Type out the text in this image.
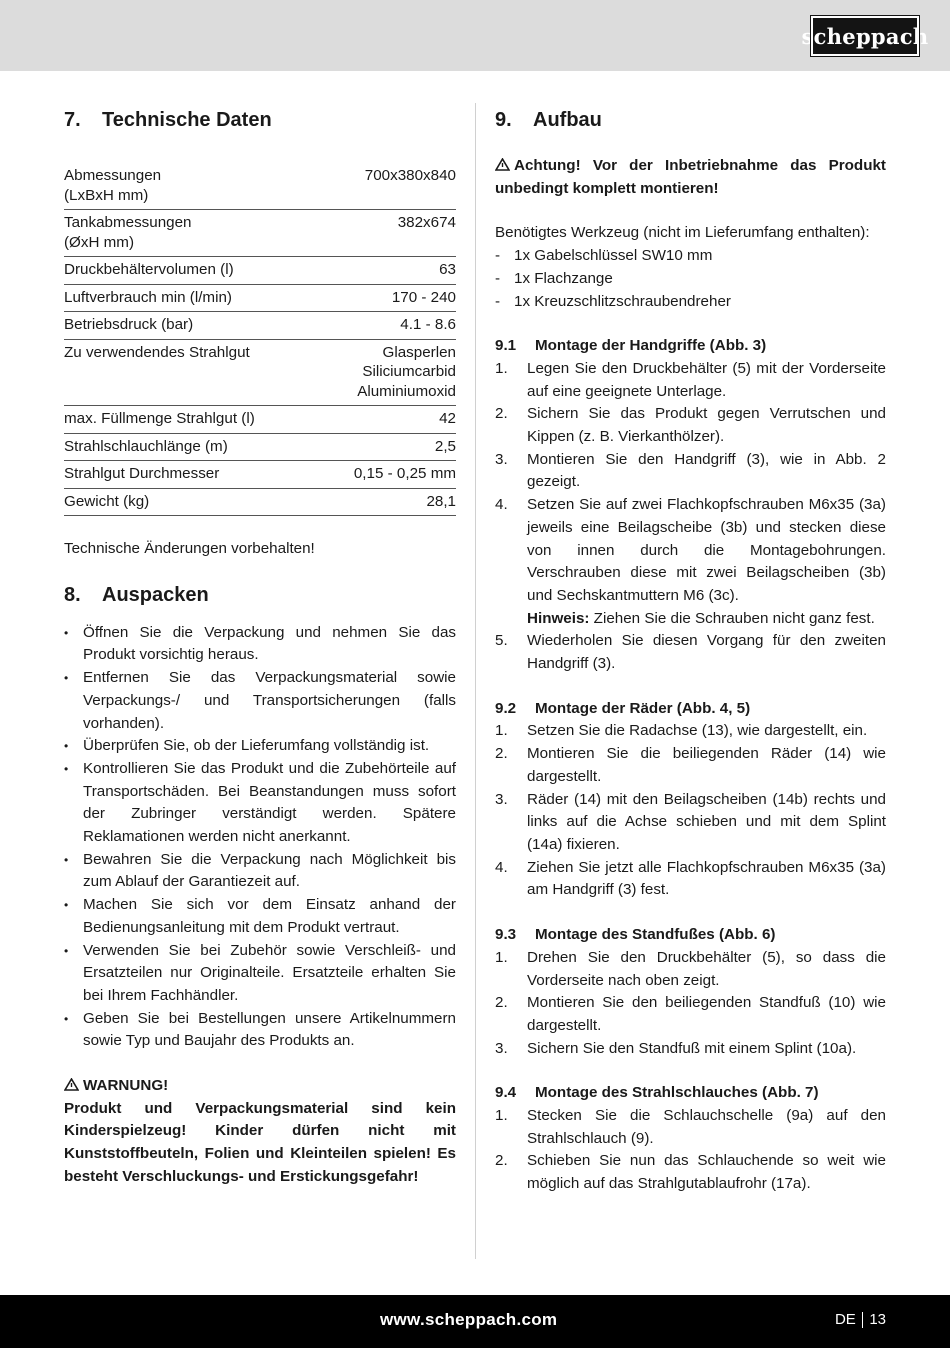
scheppach
7.	Technische Daten
Abmessungen
(LxBxH mm)	700x380x840
Tankabmessungen
(ØxH mm)	382x674
Druckbehältervolumen (l)	63
Luftverbrauch min (l/min)	170 - 240
Betriebsdruck (bar)	4.1 - 8.6
Zu verwendendes Strahlgut	Glasperlen
Siliciumcarbid
Aluminiumoxid
max. Füllmenge Strahlgut (l)	42
Strahlschlauchlänge (m)	2,5
Strahlgut Durchmesser	0,15 - 0,25 mm
Gewicht (kg)	28,1
Technische Änderungen vorbehalten!
8.	Auspacken
• Öffnen Sie die Verpackung und nehmen Sie das Produkt vorsichtig heraus.
• Entfernen Sie das Verpackungsmaterial sowie Verpackungs-/ und Transportsicherungen (falls vorhanden).
• Überprüfen Sie, ob der Lieferumfang vollständig ist.
• Kontrollieren Sie das Produkt und die Zubehörteile auf Transportschäden. Bei Beanstandungen muss sofort der Zubringer verständigt werden. Spätere Reklamationen werden nicht anerkannt.
• Bewahren Sie die Verpackung nach Möglichkeit bis zum Ablauf der Garantiezeit auf.
• Machen Sie sich vor dem Einsatz anhand der Bedienungsanleitung mit dem Produkt vertraut.
• Verwenden Sie bei Zubehör sowie Verschleiß- und Ersatzteilen nur Originalteile. Ersatzteile erhalten Sie bei Ihrem Fachhändler.
• Geben Sie bei Bestellungen unsere Artikelnummern sowie Typ und Baujahr des Produkts an.
WARNUNG!
Produkt und Verpackungsmaterial sind kein Kinderspielzeug! Kinder dürfen nicht mit Kunststoffbeuteln, Folien und Kleinteilen spielen! Es besteht Verschluckungs- und Erstickungsgefahr!
9.	Aufbau
Achtung! Vor der Inbetriebnahme das Produkt unbedingt komplett montieren!
Benötigtes Werkzeug (nicht im Lieferumfang enthalten):
- 1x Gabelschlüssel SW10 mm
- 1x Flachzange
- 1x Kreuzschlitzschraubendreher
9.1	Montage der Handgriffe (Abb. 3)
1. Legen Sie den Druckbehälter (5) mit der Vorderseite auf eine geeignete Unterlage.
2. Sichern Sie das Produkt gegen Verrutschen und Kippen (z. B. Vierkanthölzer).
3. Montieren Sie den Handgriff (3), wie in Abb. 2 gezeigt.
4. Setzen Sie auf zwei Flachkopfschrauben M6x35 (3a) jeweils eine Beilagscheibe (3b) und stecken diese von innen durch die Montagebohrungen. Verschrauben diese mit zwei Beilagscheiben (3b) und Sechskantmuttern M6 (3c).
Hinweis: Ziehen Sie die Schrauben nicht ganz fest.
5. Wiederholen Sie diesen Vorgang für den zweiten Handgriff (3).
9.2	Montage der Räder (Abb. 4, 5)
1. Setzen Sie die Radachse (13), wie dargestellt, ein.
2. Montieren Sie die beiliegenden Räder (14) wie dargestellt.
3. Räder (14) mit den Beilagscheiben (14b) rechts und links auf die Achse schieben und mit dem Splint (14a) fixieren.
4. Ziehen Sie jetzt alle Flachkopfschrauben M6x35 (3a) am Handgriff (3) fest.
9.3	Montage des Standfußes (Abb. 6)
1. Drehen Sie den Druckbehälter (5), so dass die Vorderseite nach oben zeigt.
2. Montieren Sie den beiliegenden Standfuß (10) wie dargestellt.
3. Sichern Sie den Standfuß mit einem Splint (10a).
9.4	Montage des Strahlschlauches (Abb. 7)
1. Stecken Sie die Schlauchschelle (9a) auf den Strahlschlauch (9).
2. Schieben Sie nun das Schlauchende so weit wie möglich auf das Strahlgutablaufrohr (17a).
www.scheppach.com	DE 13
